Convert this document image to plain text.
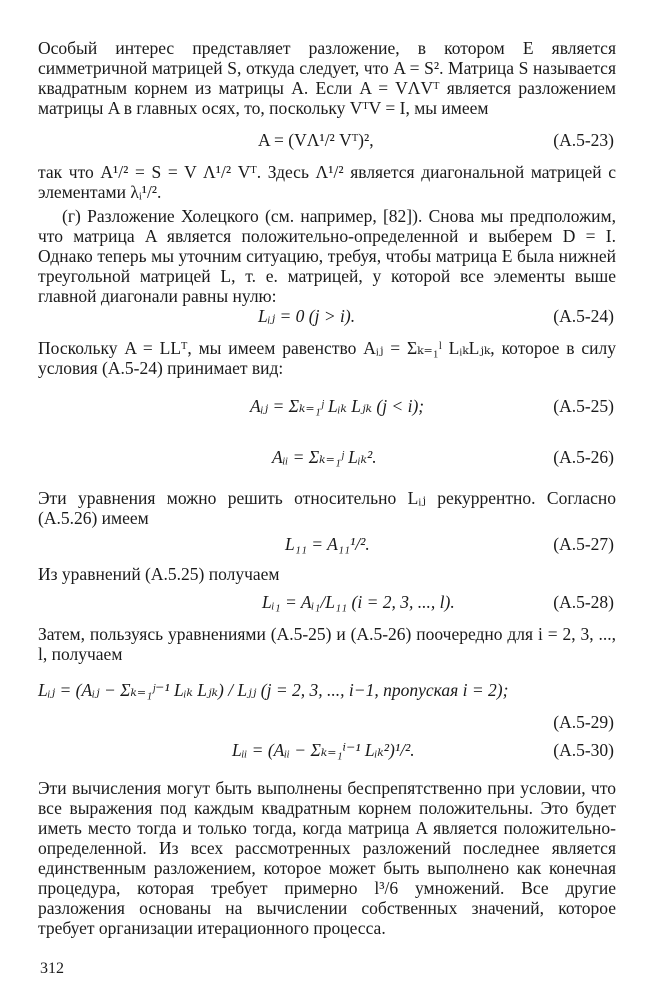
Особый интерес представляет разложение, в котором E является симметричной матрицей S, откуда следует, что A = S². Матрица S называется квадратным корнем из матрицы A. Если A = VΛVᵀ является разложением матрицы A в главных осях, то, поскольку VᵀV = I, мы имеем
A = (VΛ¹/² Vᵀ)²,	(A.5-23)
так что A¹/² = S = V Λ¹/² Vᵀ. Здесь Λ¹/² является диагональной матрицей с элементами λᵢ¹/².
(г) Разложение Холецкого (см. например, [82]). Снова мы предположим, что матрица A является положительно-определенной и выберем D = I. Однако теперь мы уточним ситуацию, требуя, чтобы матрица E была нижней треугольной матрицей L, т. е. матрицей, у которой все элементы выше главной диагонали равны нулю:
Lᵢⱼ = 0 (j > i).	(A.5-24)
Поскольку A = LLᵀ, мы имеем равенство Aᵢⱼ = Σₖ₌₁ˡ LᵢₖLⱼₖ, которое в силу условия (A.5-24) принимает вид:
Aᵢⱼ = Σₖ₌₁ʲ Lᵢₖ Lⱼₖ (j < i);	(A.5-25)
Aᵢᵢ = Σₖ₌₁ʲ Lᵢₖ².	(A.5-26)
Эти уравнения можно решить относительно Lᵢⱼ рекуррентно. Согласно (A.5.26) имеем
L₁₁ = A₁₁¹/².	(A.5-27)
Из уравнений (A.5.25) получаем
Lᵢ₁ = Aᵢ₁/L₁₁ (i = 2, 3, ..., l).	(A.5-28)
Затем, пользуясь уравнениями (A.5-25) и (A.5-26) поочередно для i = 2, 3, ..., l, получаем
Lᵢⱼ = (Aᵢⱼ − Σₖ₌₁ʲ⁻¹ Lᵢₖ Lⱼₖ) / Lⱼⱼ (j = 2, 3, ..., i−1, пропуская i = 2);
(A.5-29)
Lᵢᵢ = (Aᵢᵢ − Σₖ₌₁ⁱ⁻¹ Lᵢₖ²)¹/².	(A.5-30)
Эти вычисления могут быть выполнены беспрепятственно при условии, что все выражения под каждым квадратным корнем положительны. Это будет иметь место тогда и только тогда, когда матрица A является положительно-определенной. Из всех рассмотренных разложений последнее является единственным разложением, которое может быть выполнено как конечная процедура, которая требует примерно l³/6 умножений. Все другие разложения основаны на вычислении собственных значений, которое требует организации итерационного процесса.
312
